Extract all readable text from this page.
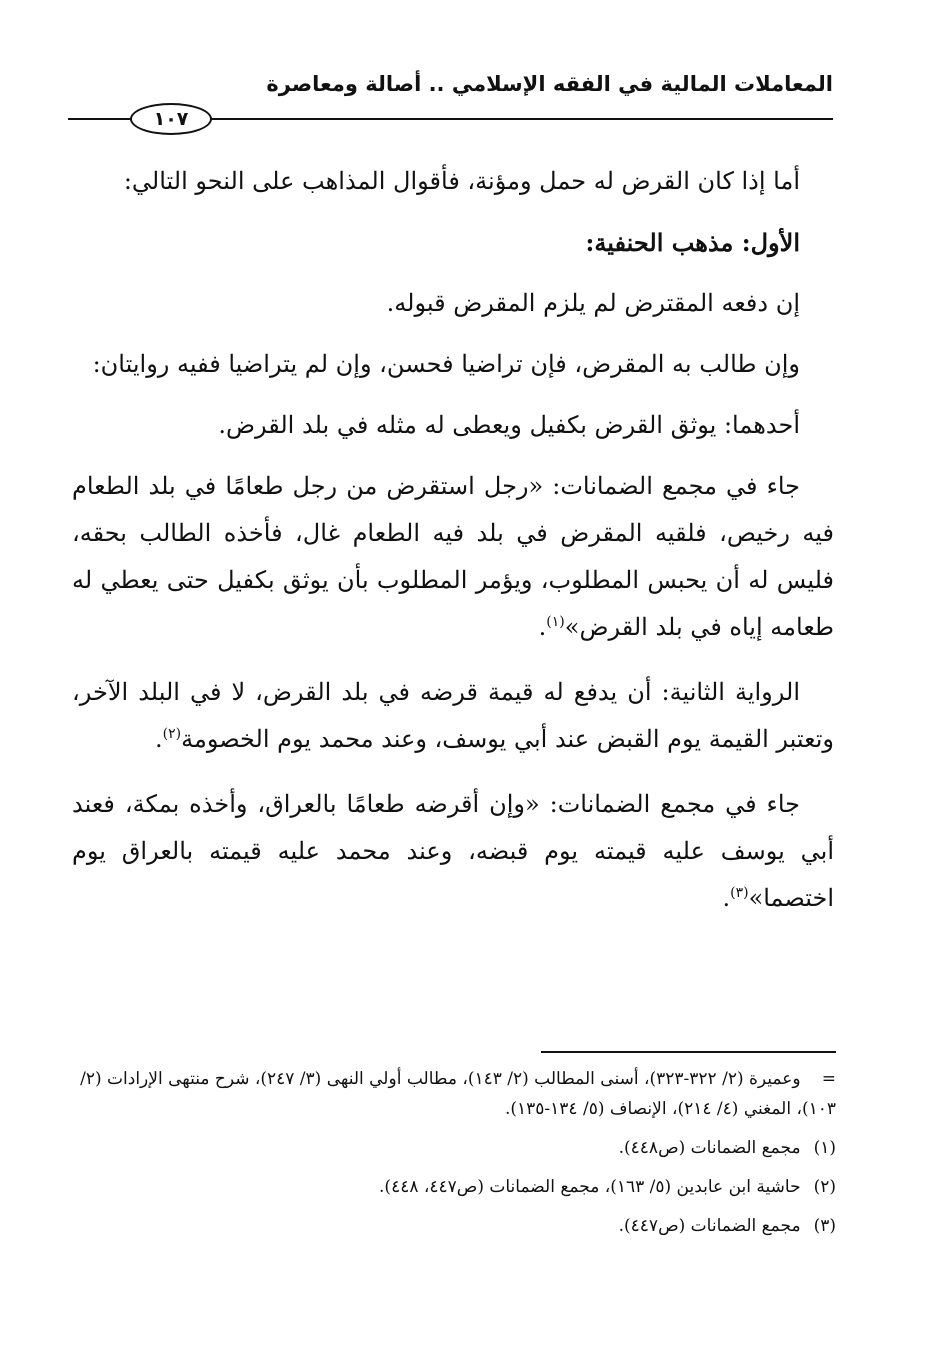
المعاملات المالية في الفقه الإسلامي .. أصالة ومعاصرة
١٠٧

أما إذا كان القرض له حمل ومؤنة، فأقوال المذاهب على النحو التالي:

الأول: مذهب الحنفية:

إن دفعه المقترض لم يلزم المقرض قبوله.

وإن طالب به المقرض، فإن تراضيا فحسن، وإن لم يتراضيا ففيه روايتان:

أحدهما: يوثق القرض بكفيل ويعطى له مثله في بلد القرض.

جاء في مجمع الضمانات: «رجل استقرض من رجل طعامًا في بلد الطعام فيه رخيص، فلقيه المقرض في بلد فيه الطعام غال، فأخذه الطالب بحقه، فليس له أن يحبس المطلوب، ويؤمر المطلوب بأن يوثق بكفيل حتى يعطي له طعامه إياه في بلد القرض»$^{(١)}$.

الرواية الثانية: أن يدفع له قيمة قرضه في بلد القرض، لا في البلد الآخر، وتعتبر القيمة يوم القبض عند أبي يوسف، وعند محمد يوم الخصومة$^{(٢)}$.

جاء في مجمع الضمانات: «وإن أقرضه طعامًا بالعراق، وأخذه بمكة، فعند أبي يوسف عليه قيمته يوم قبضه، وعند محمد عليه قيمته بالعراق يوم اختصما»$^{(٣)}$.

= وعميرة (٢/ ٣٢٢-٣٢٣)، أسنى المطالب (٢/ ١٤٣)، مطالب أولي النهى (٣/ ٢٤٧)، شرح منتهى الإرادات (٢/ ١٠٣)، المغني (٤/ ٢١٤)، الإنصاف (٥/ ١٣٤-١٣٥).
(١) مجمع الضمانات (ص٤٤٨).
(٢) حاشية ابن عابدين (٥/ ١٦٣)، مجمع الضمانات (ص٤٤٧، ٤٤٨).
(٣) مجمع الضمانات (ص٤٤٧).
